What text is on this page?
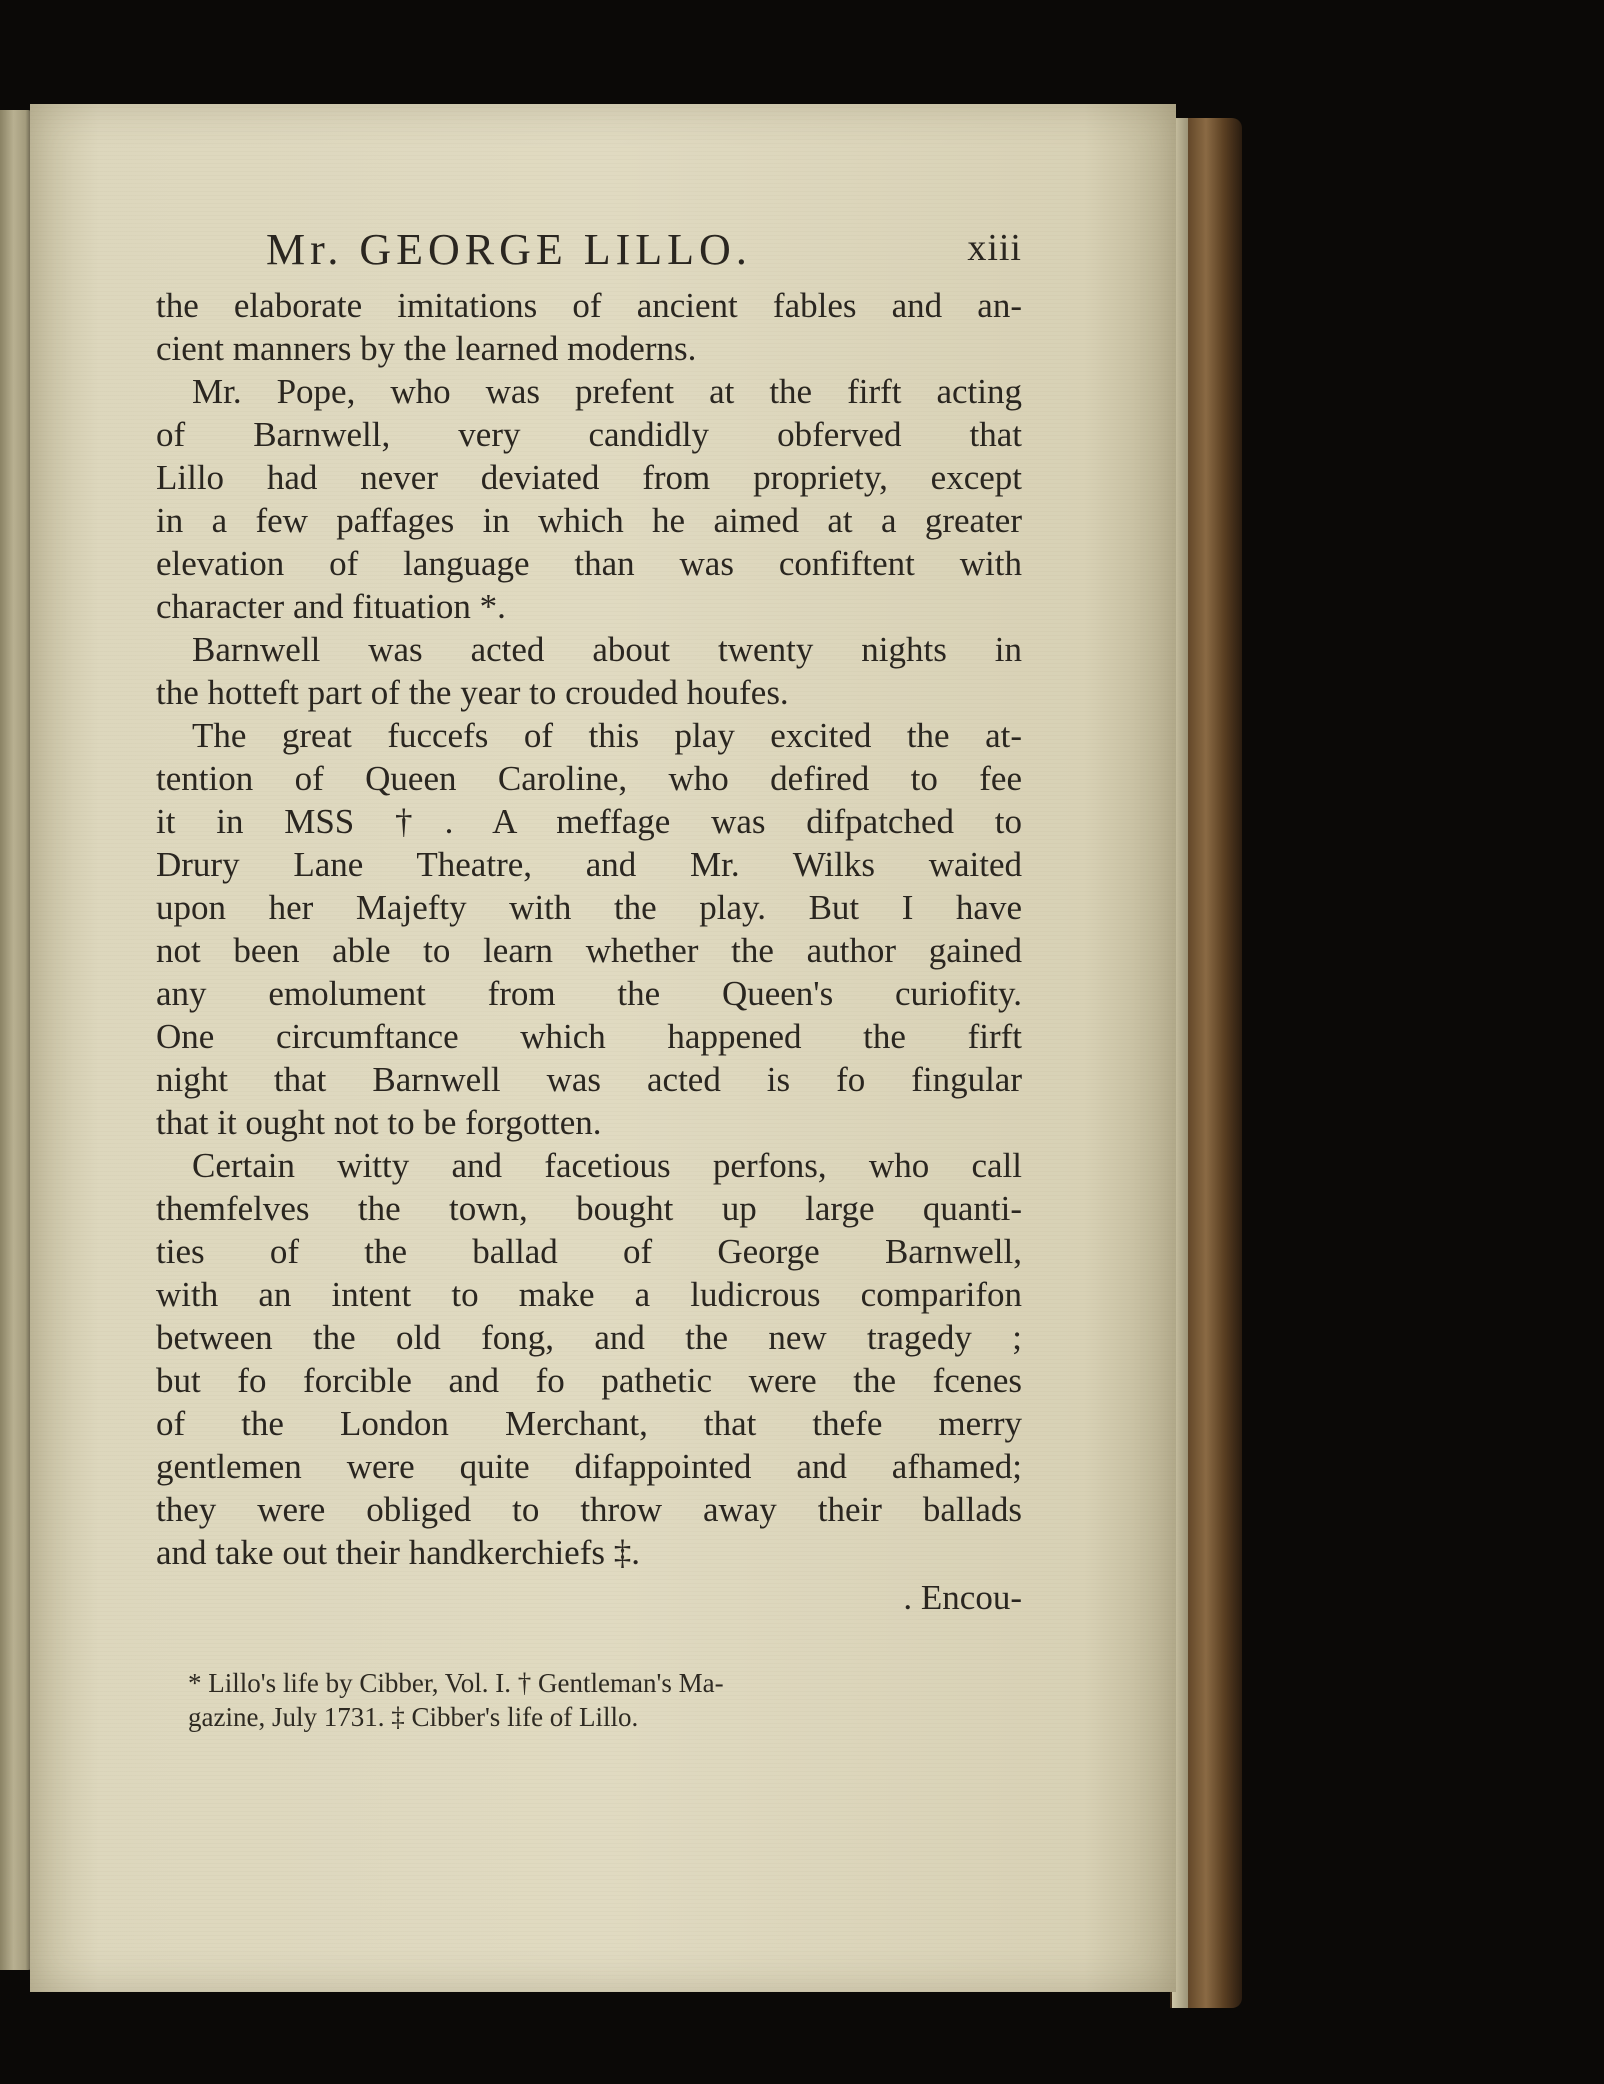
Mr. GEORGE LILLO.	xiii

the elaborate imitations of ancient fables and an-
cient manners by the learned moderns.

Mr. Pope, who was prefent at the firft acting
of Barnwell, very candidly obferved that
Lillo had never deviated from propriety, except
in a few paffages in which he aimed at a greater
elevation of language than was confiftent with
character and fituation *.

Barnwell was acted about twenty nights in
the hotteft part of the year to crouded houfes.

The great fuccefs of this play excited the at-
tention of Queen Caroline, who defired to fee
it in MSS †. A meffage was difpatched to
Drury Lane Theatre, and Mr. Wilks waited
upon her Majefty with the play. But I have
not been able to learn whether the author gained
any emolument from the Queen's curiofity.
One circumftance which happened the firft
night that Barnwell was acted is fo fingular
that it ought not to be forgotten.

Certain witty and facetious perfons, who call
themfelves the town, bought up large quanti-
ties of the ballad of George Barnwell,
with an intent to make a ludicrous comparifon
between the old fong, and the new tragedy ;
but fo forcible and fo pathetic were the fcenes
of the London Merchant, that thefe merry
gentlemen were quite difappointed and afhamed;
they were obliged to throw away their ballads
and take out their handkerchiefs ‡.

. Encou-
* Lillo's life by Cibber, Vol. I. † Gentleman's Ma-
gazine, July 1731. ‡ Cibber's life of Lillo.
